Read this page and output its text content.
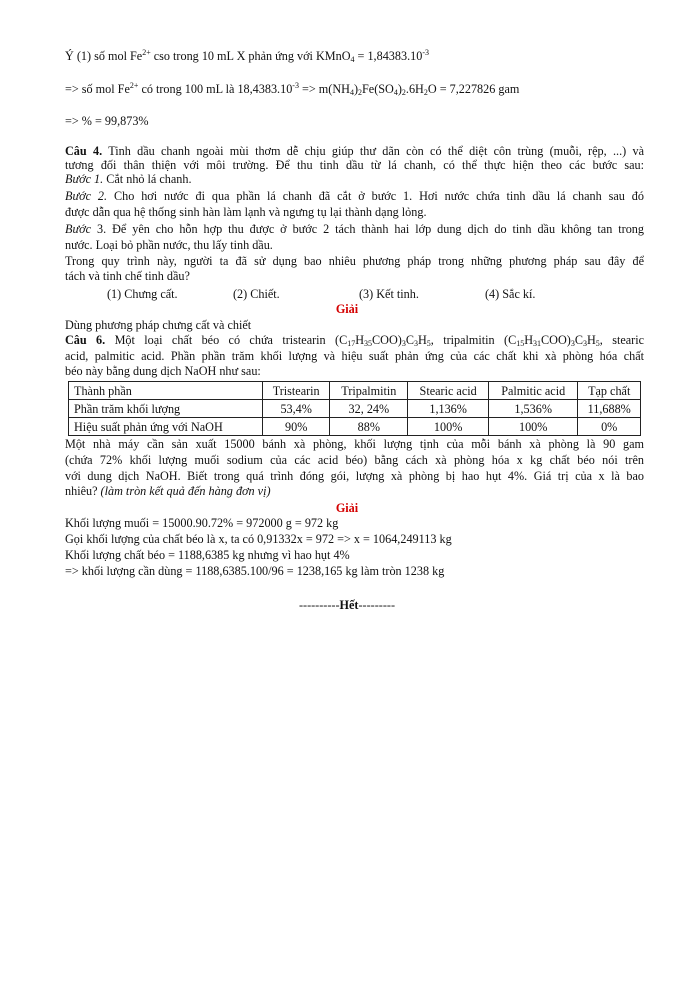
Ý (1) số mol $Fe^{2+}$ cso trong 10 mL X phản ứng với KMnO$_4$ = $1,84383.10^{-3}$
=> số mol $Fe^{2+}$ có trong 100 mL là $18,4383.10^{-3} => m(NH_4)_2Fe(SO_4)_2.6H_2O = 7,227826$ gam
=> % = 99,873%
Câu 4. Tinh dầu chanh ngoài mùi thơm dễ chịu giúp thư dãn còn có thể diệt côn trùng (muỗi, rệp, ...) và
tương đối thân thiện với môi trường. Để thu tinh dầu từ lá chanh, có thể thực hiện theo các bước sau:
Bước 1. Cắt nhỏ lá chanh.
Bước 2. Cho hơi nước đi qua phần lá chanh đã cắt ở bước 1. Hơi nước chứa tinh dầu lá chanh sau đó
được dẫn qua hệ thống sinh hàn làm lạnh và ngưng tụ lại thành dạng lỏng.
Bước 3. Để yên cho hỗn hợp thu được ở bước 2 tách thành hai lớp dung dịch do tinh dầu không tan trong
nước. Loại bỏ phần nước, thu lấy tinh dầu.
Trong quy trình này, người ta đã sử dụng bao nhiêu phương pháp trong những phương pháp sau đây để
tách và tinh chế tinh dầu?
(1) Chưng cất.	(2) Chiết.	(3) Kết tinh.	(4) Sắc kí.
Giải
Dùng phương pháp chưng cất và chiết
Câu 6. Một loại chất béo có chứa tristearin $(C_{17}H_{35}COO)_3C_3H_5$, tripalmitin $(C_{15}H_{31}COO)_3C_3H_5$, stearic
acid, palmitic acid. Phần phần trăm khối lượng và hiệu suất phản ứng của các chất khi xà phòng hóa chất
béo này bằng dung dịch NaOH như sau:
Thành phần	Tristearin	Tripalmitin	Stearic acid	Palmitic acid	Tạp chất
Phần trăm khối lượng	53,4%	32, 24%	1,136%	1,536%	11,688%
Hiệu suất phản ứng với NaOH	90%	88%	100%	100%	0%
Một nhà máy cần sản xuất 15000 bánh xà phòng, khối lượng tịnh của mỗi bánh xà phòng là 90 gam
(chứa 72% khối lượng muối sodium của các acid béo) bằng cách xà phòng hóa x kg chất béo nói trên
với dung dịch NaOH. Biết trong quá trình đóng gói, lượng xà phòng bị hao hụt 4%. Giá trị của x là bao
nhiêu? (làm tròn kết quả đến hàng đơn vị)
Giải
Khối lượng muối = 15000.90.72% = 972000 g = 972 kg
Gọi khối lượng của chất béo là x, ta có 0,91332x = 972 => x = 1064,249113 kg
Khối lượng chất béo = 1188,6385 kg nhưng vì hao hụt 4%
=> khối lượng cần dùng = 1188,6385.100/96 = 1238,165 kg làm tròn 1238 kg
----------Hết---------
